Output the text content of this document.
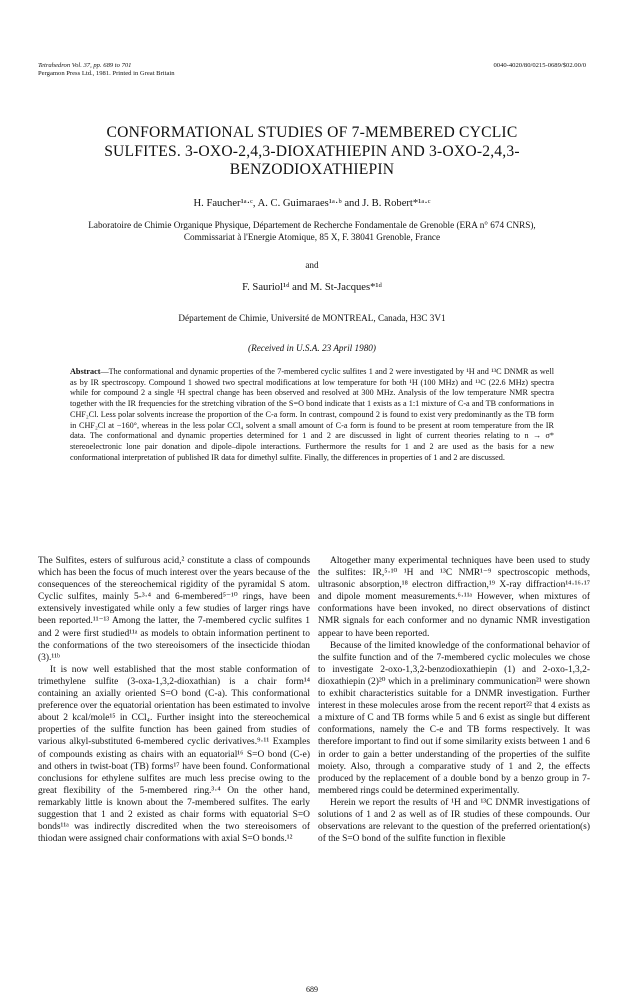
Tetrahedron Vol. 37, pp. 689 to 701
Pergamon Press Ltd., 1981. Printed in Great Britain
0040-4020/80/0215-0689/$02.00/0
CONFORMATIONAL STUDIES OF 7-MEMBERED CYCLIC SULFITES. 3-OXO-2,4,3-DIOXATHIEPIN AND 3-OXO-2,4,3-BENZODIOXATHIEPIN
H. Faucher¹ᵃ·ᶜ, A. C. Guimaraes¹ᵃ·ᵇ and J. B. Robert*¹ᵃ·ᶜ
Laboratoire de Chimie Organique Physique, Département de Recherche Fondamentale de Grenoble (ERA n° 674 CNRS), Commissariat à l'Energie Atomique, 85 X, F. 38041 Grenoble, France
and
F. Sauriol¹ᵈ and M. St-Jacques*¹ᵈ
Département de Chimie, Université de MONTREAL, Canada, H3C 3V1
(Received in U.S.A. 23 April 1980)
Abstract—The conformational and dynamic properties of the 7-membered cyclic sulfites 1 and 2 were investigated by ¹H and ¹³C DNMR as well as by IR spectroscopy. Compound 1 showed two spectral modifications at low temperature for both ¹H (100 MHz) and ¹³C (22.6 MHz) spectra while for compound 2 a single ¹H spectral change has been observed and resolved at 300 MHz. Analysis of the low temperature NMR spectra together with the IR frequencies for the stretching vibration of the S=O bond indicate that 1 exists as a 1:1 mixture of C-a and TB conformations in CHF₂Cl. Less polar solvents increase the proportion of the C-a form. In contrast, compound 2 is found to exist very predominantly as the TB form in CHF₂Cl at −160°, whereas in the less polar CCl₄ solvent a small amount of C-a form is found to be present at room temperature from the IR data. The conformational and dynamic properties determined for 1 and 2 are discussed in light of current theories relating to n → σ* stereoelectronic lone pair donation and dipole–dipole interactions. Furthermore the results for 1 and 2 are used as the basis for a new conformational interpretation of published IR data for dimethyl sulfite. Finally, the differences in properties of 1 and 2 are discussed.

The Sulfites, esters of sulfurous acid,² constitute a class of compounds which has been the focus of much interest over the years because of the consequences of the stereochemical rigidity of the pyramidal S atom. Cyclic sulfites, mainly 5-³·⁴ and 6-membered⁵⁻¹⁰ rings, have been extensively investigated while only a few studies of larger rings have been reported.¹¹⁻¹³ Among the latter, the 7-membered cyclic sulfites 1 and 2 were first studied¹¹ᵃ as models to obtain information pertinent to the conformations of the two stereoisomers of the insecticide thiodan (3).¹¹ᵇ

It is now well established that the most stable conformation of trimethylene sulfite (3-oxa-1,3,2-dioxathian) is a chair form¹⁴ containing an axially oriented S=O bond (C-a). This conformational preference over the equatorial orientation has been estimated to involve about 2 kcal/mole¹⁵ in CCl₄. Further insight into the stereochemical properties of the sulfite function has been gained from studies of various alkyl-substituted 6-membered cyclic derivatives.⁹·¹¹ Examples of compounds existing as chairs with an equatorial¹⁶ S=O bond (C-e) and others in twist-boat (TB) forms¹⁷ have been found. Conformational conclusions for ethylene sulfites are much less precise owing to the great flexibility of the 5-membered ring.³·⁴ On the other hand, remarkably little is known about the 7-membered sulfites. The early suggestion that 1 and 2 existed as chair forms with equatorial S=O bonds¹¹ᵃ was indirectly discredited when the two stereoisomers of thiodan were assigned chair conformations with axial S=O bonds.¹²

Altogether many experimental techniques have been used to study the sulfites: IR,⁵·¹⁰ ¹H and ¹³C NMR¹⁻⁹ spectroscopic methods, ultrasonic absorption,¹⁸ electron diffraction,¹⁹ X-ray diffraction¹⁴·¹⁶·¹⁷ and dipole moment measurements.⁶·¹¹ᵃ However, when mixtures of conformations have been invoked, no direct observations of distinct NMR signals for each conformer and no dynamic NMR investigation appear to have been reported.

Because of the limited knowledge of the conformational behavior of the sulfite function and of the 7-membered cyclic molecules we chose to investigate 2-oxo-1,3,2-benzodioxathiepin (1) and 2-oxo-1,3,2-dioxathiepin (2)²⁰ which in a preliminary communication²¹ were shown to exhibit characteristics suitable for a DNMR investigation. Further interest in these molecules arose from the recent report²² that 4 exists as a mixture of C and TB forms while 5 and 6 exist as single but different conformations, namely the C-e and TB forms respectively. It was therefore important to find out if some similarity exists between 1 and 6 in order to gain a better understanding of the properties of the sulfite moiety. Also, through a comparative study of 1 and 2, the effects produced by the replacement of a double bond by a benzo group in 7-membered rings could be determined experimentally.

Herein we report the results of ¹H and ¹³C DNMR investigations of solutions of 1 and 2 as well as of IR studies of these compounds. Our observations are relevant to the question of the preferred orientation(s) of the S=O bond of the sulfite function in flexible

689
